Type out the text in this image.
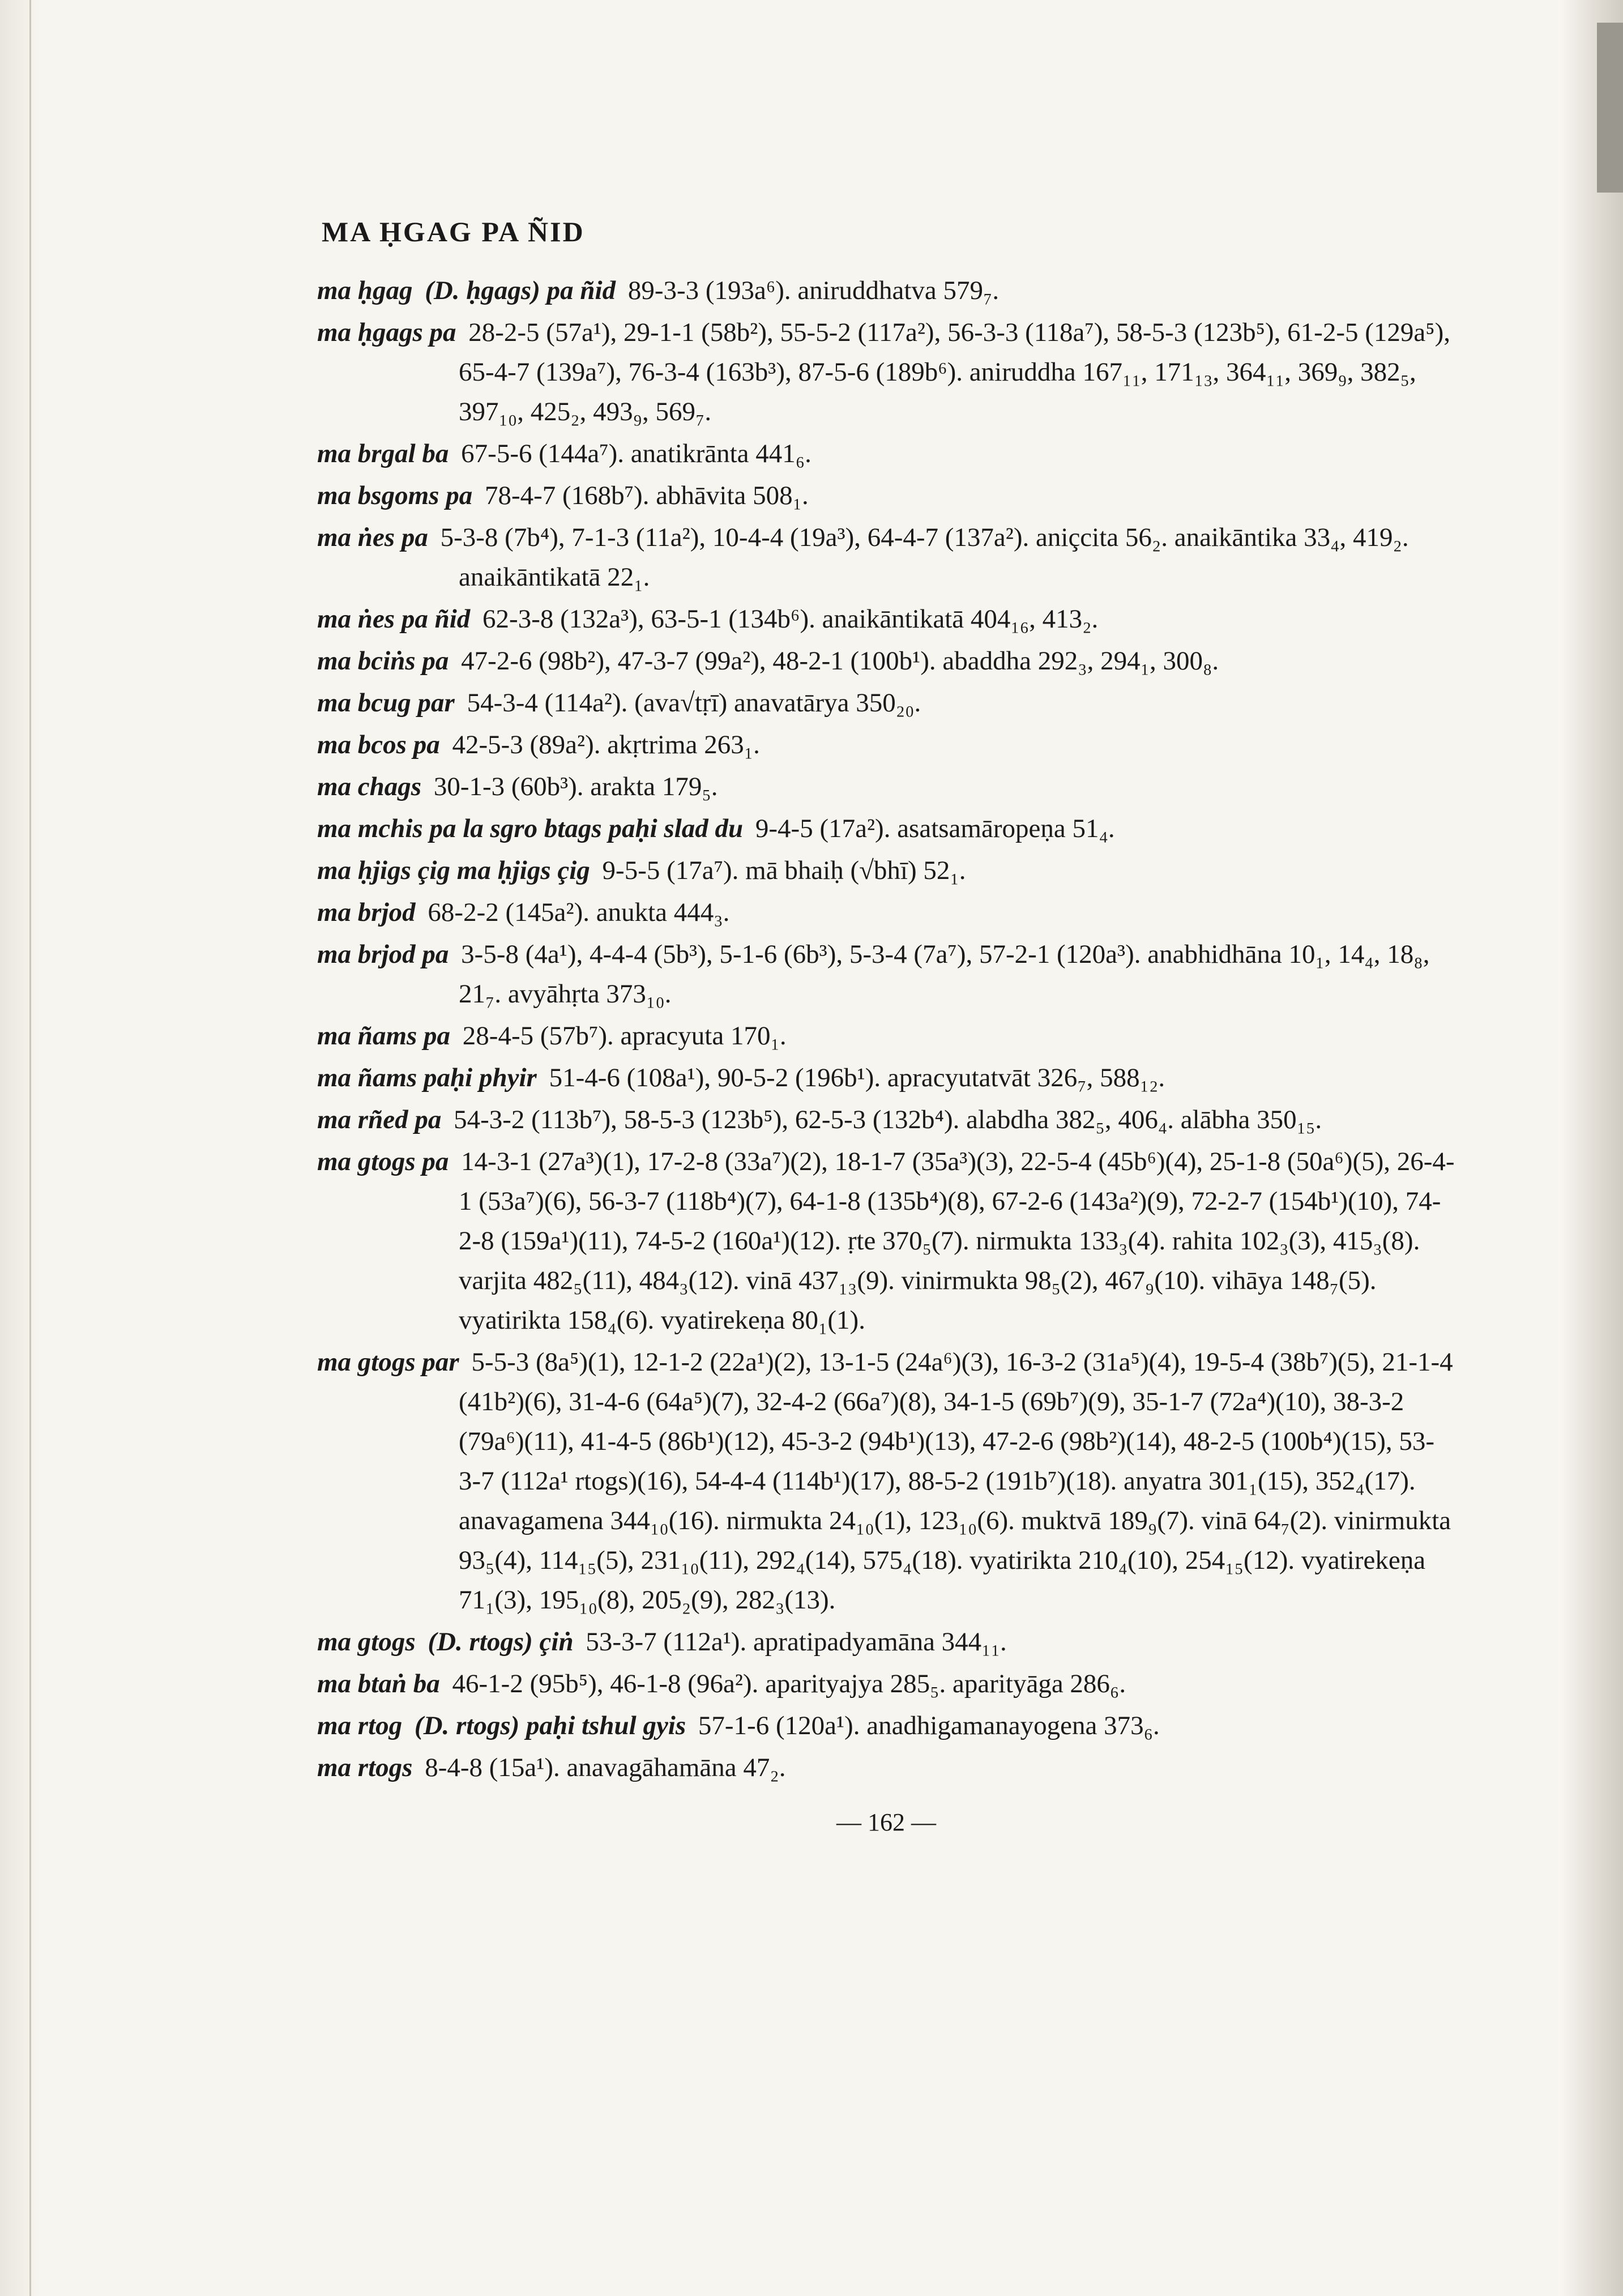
MA ḤGAG PA ÑID
ma ḥgag (D. ḥgags) pa ñid 89-3-3 (193a⁶). aniruddhatva 579₇.
ma ḥgags pa 28-2-5 (57a¹), 29-1-1 (58b²), 55-5-2 (117a²), 56-3-3 (118a⁷), 58-5-3 (123b⁵), 61-2-5 (129a⁵), 65-4-7 (139a⁷), 76-3-4 (163b³), 87-5-6 (189b⁶). aniruddha 167₁₁, 171₁₃, 364₁₁, 369₉, 382₅, 397₁₀, 425₂, 493₉, 569₇.
ma brgal ba 67-5-6 (144a⁷). anatikrānta 441₆.
ma bsgoms pa 78-4-7 (168b⁷). abhāvita 508₁.
ma ṅes pa 5-3-8 (7b⁴), 7-1-3 (11a²), 10-4-4 (19a³), 64-4-7 (137a²). aniçcita 56₂. anaikāntika 33₄, 419₂. anaikāntikatā 22₁.
ma ṅes pa ñid 62-3-8 (132a³), 63-5-1 (134b⁶). anaikāntikatā 404₁₆, 413₂.
ma bciṅs pa 47-2-6 (98b²), 47-3-7 (99a²), 48-2-1 (100b¹). abaddha 292₃, 294₁, 300₈.
ma bcug par 54-3-4 (114a²). (ava√tṛī) anavatārya 350₂₀.
ma bcos pa 42-5-3 (89a²). akṛtrima 263₁.
ma chags 30-1-3 (60b³). arakta 179₅.
ma mchis pa la sgro btags paḥi slad du 9-4-5 (17a²). asatsamāropeṇa 51₄.
ma ḥjigs çig ma ḥjigs çig 9-5-5 (17a⁷). mā bhaiḥ (√bhī) 52₁.
ma brjod 68-2-2 (145a²). anukta 444₃.
ma brjod pa 3-5-8 (4a¹), 4-4-4 (5b³), 5-1-6 (6b³), 5-3-4 (7a⁷), 57-2-1 (120a³). anabhidhāna 10₁, 14₄, 18₈, 21₇. avyāhṛta 373₁₀.
ma ñams pa 28-4-5 (57b⁷). apracyuta 170₁.
ma ñams paḥi phyir 51-4-6 (108a¹), 90-5-2 (196b¹). apracyutatvāt 326₇, 588₁₂.
ma rñed pa 54-3-2 (113b⁷), 58-5-3 (123b⁵), 62-5-3 (132b⁴). alabdha 382₅, 406₄. alābha 350₁₅.
ma gtogs pa 14-3-1 (27a³)(1), 17-2-8 (33a⁷)(2), 18-1-7 (35a³)(3), 22-5-4 (45b⁶)(4), 25-1-8 (50a⁶)(5), 26-4-1 (53a⁷)(6), 56-3-7 (118b⁴)(7), 64-1-8 (135b⁴)(8), 67-2-6 (143a²)(9), 72-2-7 (154b¹)(10), 74-2-8 (159a¹)(11), 74-5-2 (160a¹)(12). ṛte 370₅(7). nirmukta 133₃(4). rahita 102₃(3), 415₃(8). varjita 482₅(11), 484₃(12). vinā 437₁₃(9). vinirmukta 98₅(2), 467₉(10). vihāya 148₇(5). vyatirikta 158₄(6). vyatirekeṇa 80₁(1).
ma gtogs par 5-5-3 (8a⁵)(1), 12-1-2 (22a¹)(2), 13-1-5 (24a⁶)(3), 16-3-2 (31a⁵)(4), 19-5-4 (38b⁷)(5), 21-1-4 (41b²)(6), 31-4-6 (64a⁵)(7), 32-4-2 (66a⁷)(8), 34-1-5 (69b⁷)(9), 35-1-7 (72a⁴)(10), 38-3-2 (79a⁶)(11), 41-4-5 (86b¹)(12), 45-3-2 (94b¹)(13), 47-2-6 (98b²)(14), 48-2-5 (100b⁴)(15), 53-3-7 (112a¹ rtogs)(16), 54-4-4 (114b¹)(17), 88-5-2 (191b⁷)(18). anyatra 301₁(15), 352₄(17). anavagamena 344₁₀(16). nirmukta 24₁₀(1), 123₁₀(6). muktvā 189₉(7). vinā 64₇(2). vinirmukta 93₅(4), 114₁₅(5), 231₁₀(11), 292₄(14), 575₄(18). vyatirikta 210₄(10), 254₁₅(12). vyatirekeṇa 71₁(3), 195₁₀(8), 205₂(9), 282₃(13).
ma gtogs (D. rtogs) çiṅ 53-3-7 (112a¹). apratipadyamāna 344₁₁.
ma btaṅ ba 46-1-2 (95b⁵), 46-1-8 (96a²). aparityajya 285₅. aparityāga 286₆.
ma rtog (D. rtogs) paḥi tshul gyis 57-1-6 (120a¹). anadhigamanayogena 373₆.
ma rtogs 8-4-8 (15a¹). anavagāhamāna 47₂.
— 162 —
